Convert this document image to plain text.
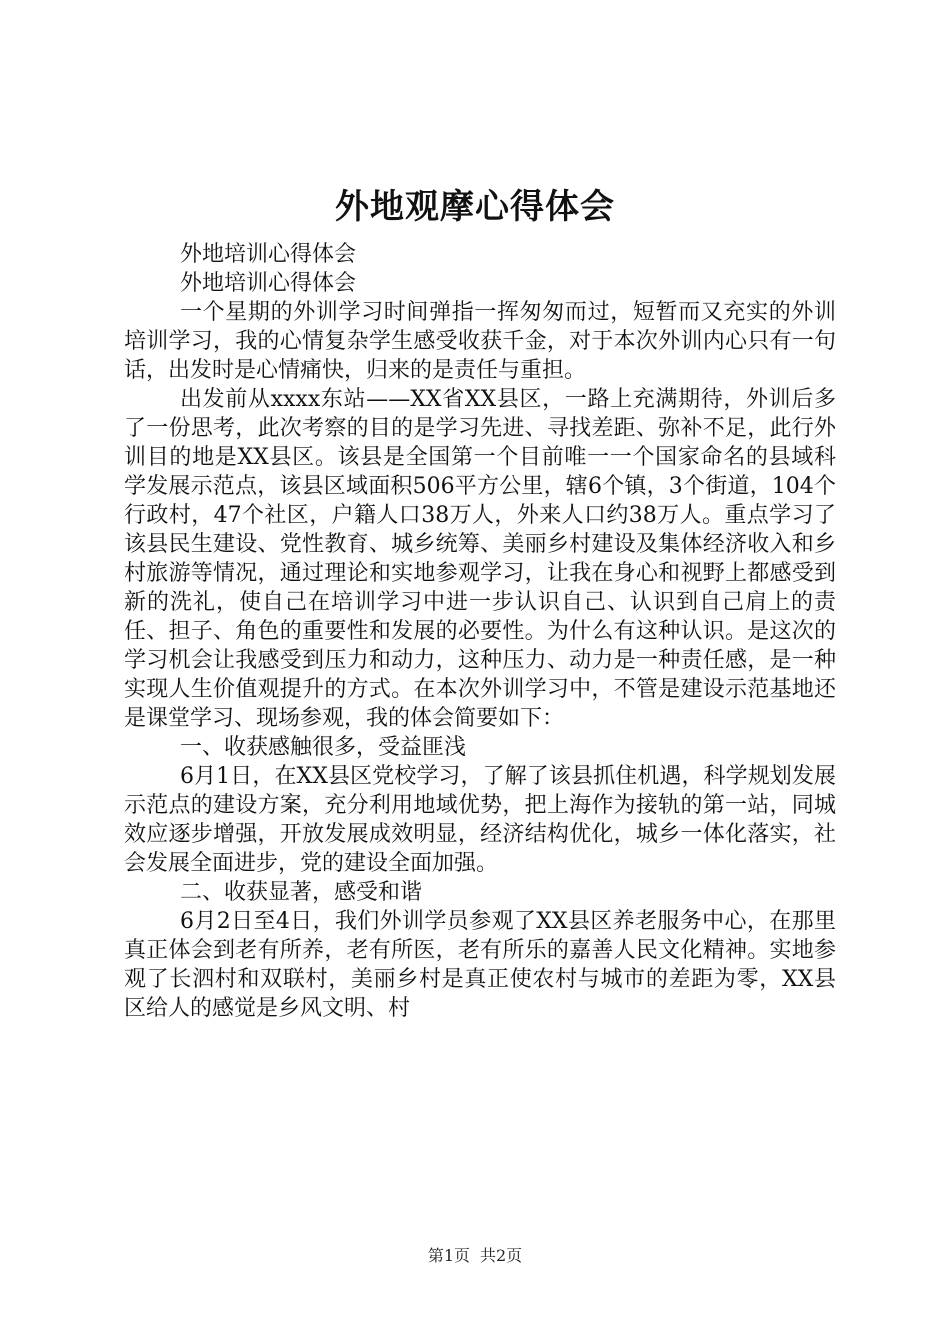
外地观摩心得体会

外地培训心得体会

外地培训心得体会

一个星期的外训学习时间弹指一挥匆匆而过，短暂而又充实的外训培训学习，我的心情复杂学生感受收获千金，对于本次外训内心只有一句话，出发时是心情痛快，归来的是责任与重担。

出发前从xxxx东站——XX省XX县区，一路上充满期待，外训后多了一份思考，此次考察的目的是学习先进、寻找差距、弥补不足，此行外训目的地是XX县区。该县是全国第一个目前唯一一个国家命名的县域科学发展示范点，该县区域面积506平方公里，辖6个镇，3个街道，104个行政村，47个社区，户籍人口38万人，外来人口约38万人。重点学习了该县民生建设、党性教育、城乡统筹、美丽乡村建设及集体经济收入和乡村旅游等情况，通过理论和实地参观学习，让我在身心和视野上都感受到新的洗礼，使自己在培训学习中进一步认识自己、认识到自己肩上的责任、担子、角色的重要性和发展的必要性。为什么有这种认识。是这次的学习机会让我感受到压力和动力，这种压力、动力是一种责任感，是一种实现人生价值观提升的方式。在本次外训学习中，不管是建设示范基地还是课堂学习、现场参观，我的体会简要如下：

一、收获感触很多，受益匪浅

6月1日，在XX县区党校学习，了解了该县抓住机遇，科学规划发展示范点的建设方案，充分利用地域优势，把上海作为接轨的第一站，同城效应逐步增强，开放发展成效明显，经济结构优化，城乡一体化落实，社会发展全面进步，党的建设全面加强。

二、收获显著，感受和谐

6月2日至4日，我们外训学员参观了XX县区养老服务中心，在那里真正体会到老有所养，老有所医，老有所乐的嘉善人民文化精神。实地参观了长泗村和双联村，美丽乡村是真正使农村与城市的差距为零，XX县区给人的感觉是乡风文明、村

第1页 共2页
